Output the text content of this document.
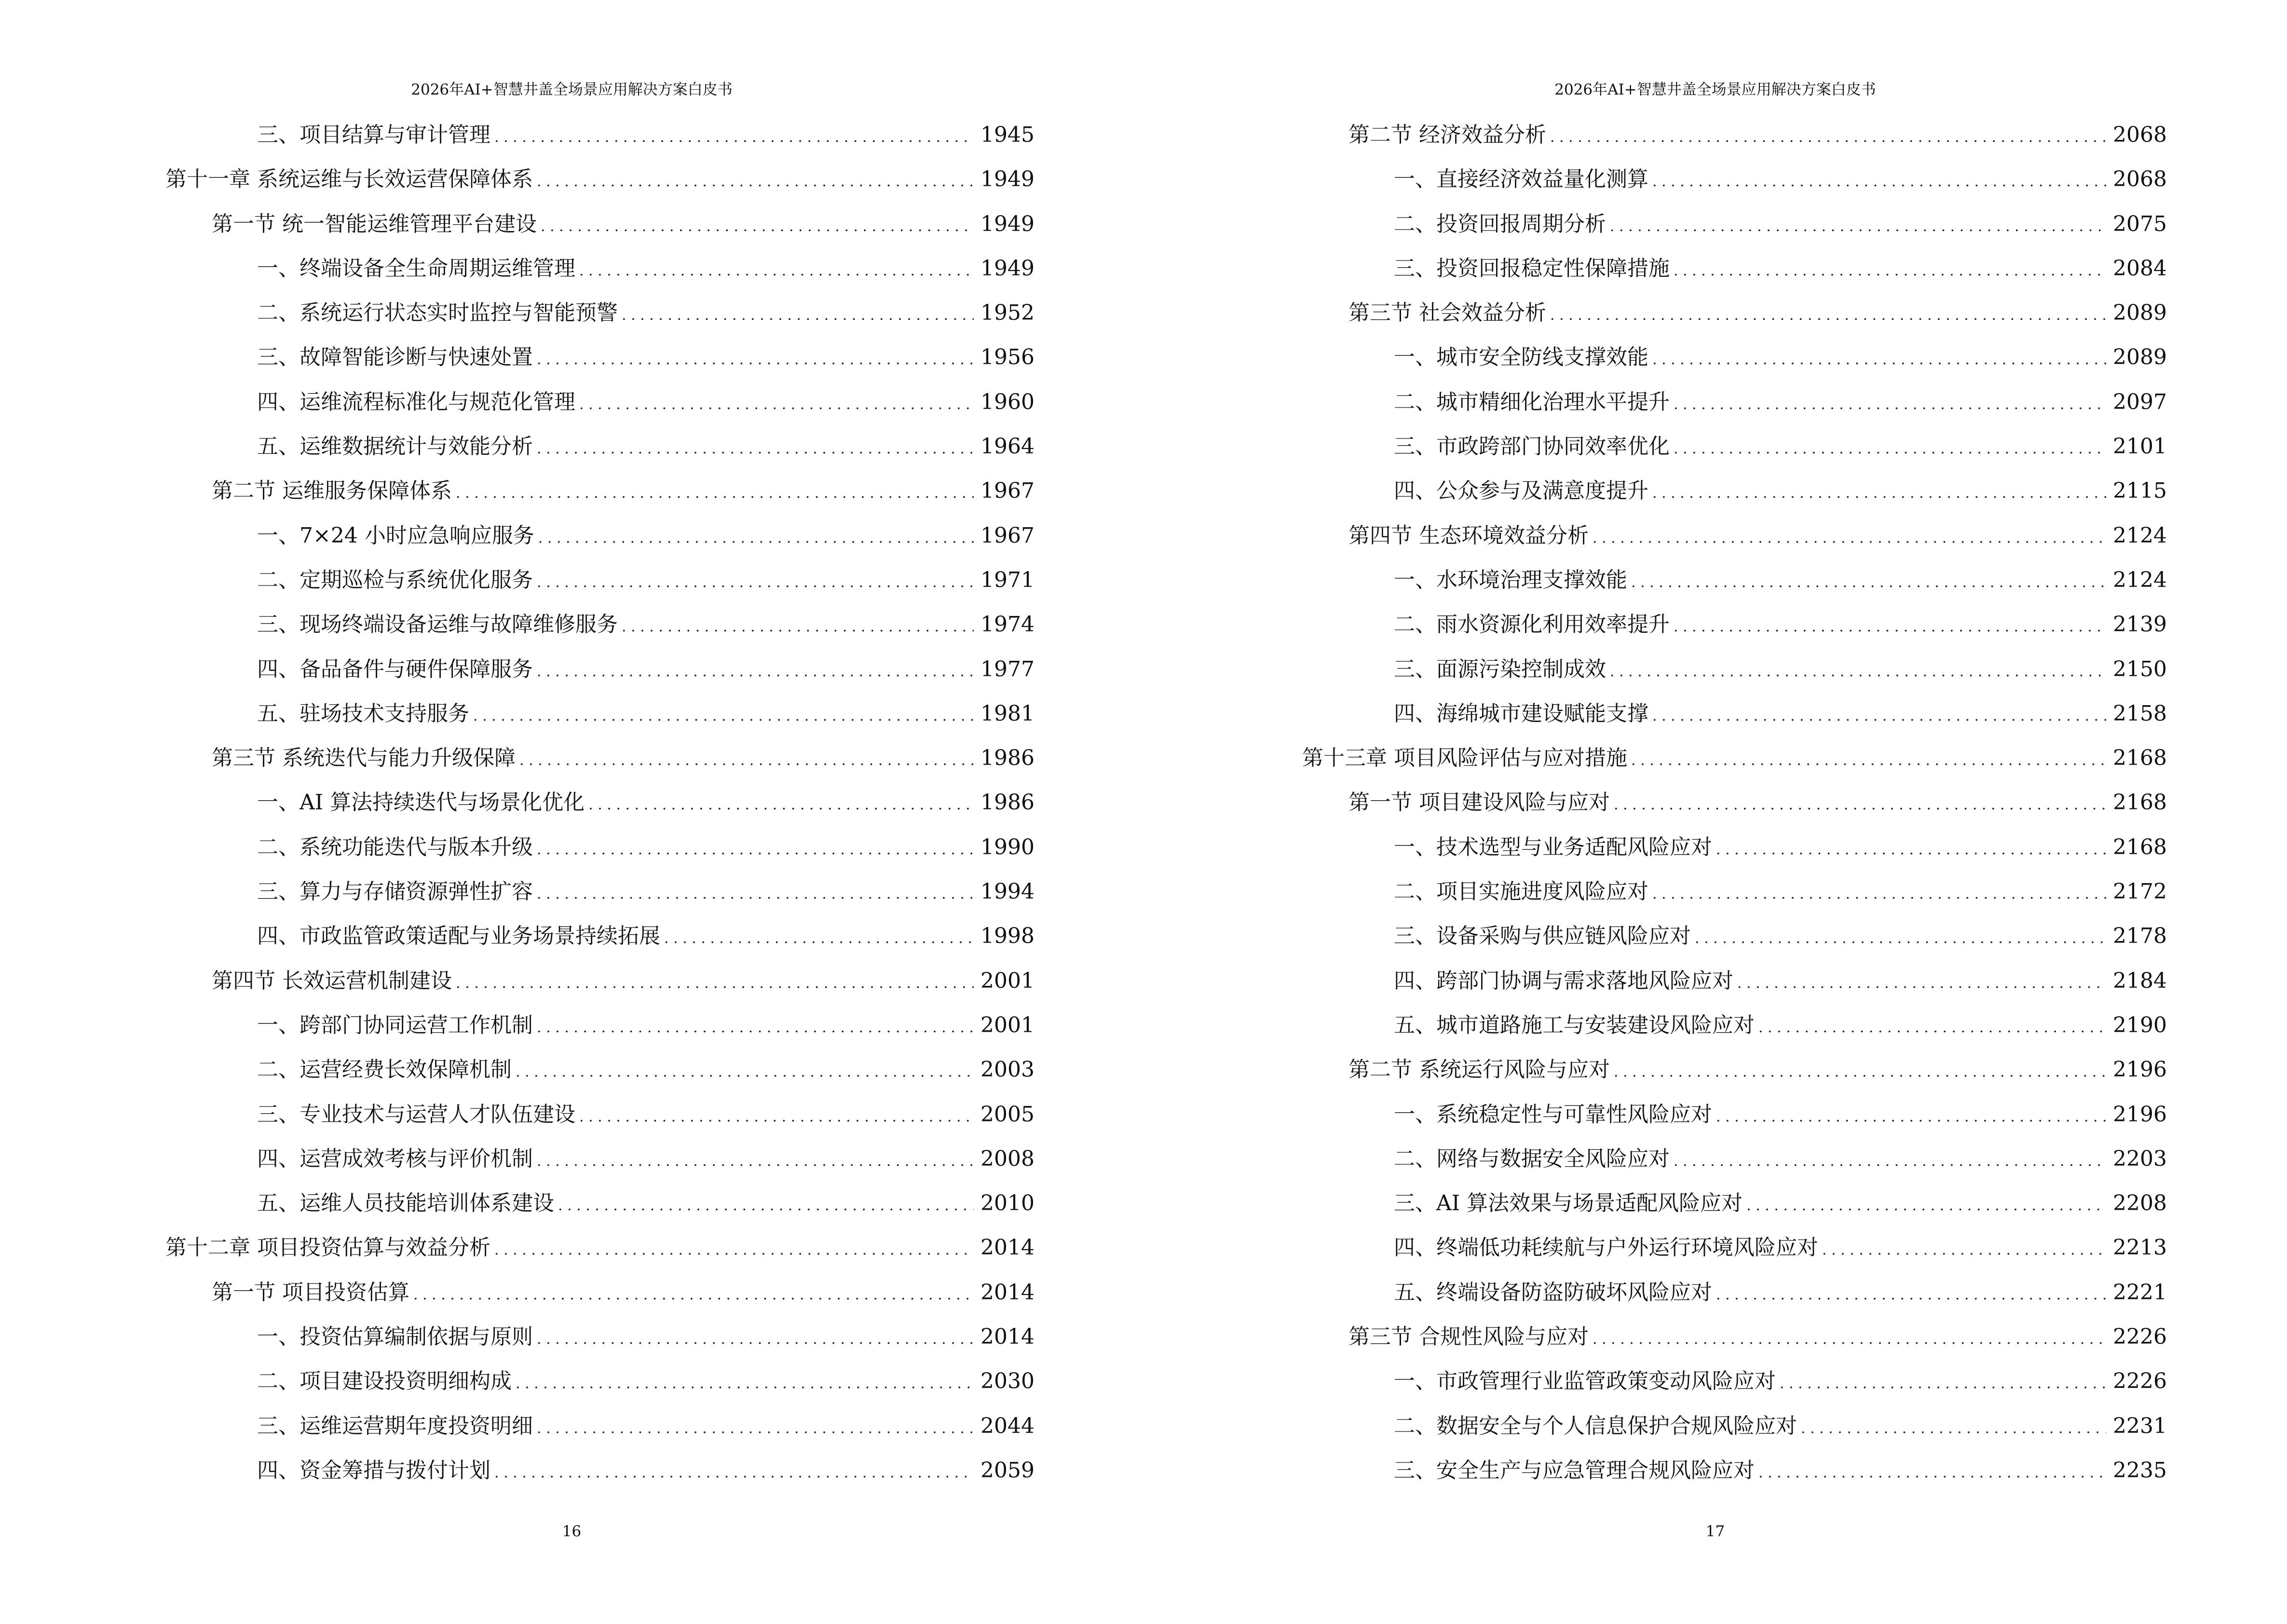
2026年AI+智慧井盖全场景应用解决方案白皮书
三、项目结算与审计管理 . . .	1945
第十一章 系统运维与长效运营保障体系 . . .	1949
第一节 统一智能运维管理平台建设 . . .	1949
一、终端设备全生命周期运维管理 . . .	1949
二、系统运行状态实时监控与智能预警 . . .	1952
三、故障智能诊断与快速处置 . . .	1956
四、运维流程标准化与规范化管理 . . .	1960
五、运维数据统计与效能分析 . . .	1964
第二节 运维服务保障体系 . . .	1967
一、7×24 小时应急响应服务 . . .	1967
二、定期巡检与系统优化服务 . . .	1971
三、现场终端设备运维与故障维修服务 . . .	1974
四、备品备件与硬件保障服务 . . .	1977
五、驻场技术支持服务 . . .	1981
第三节 系统迭代与能力升级保障 . . .	1986
一、AI 算法持续迭代与场景化优化 . . .	1986
二、系统功能迭代与版本升级 . . .	1990
三、算力与存储资源弹性扩容 . . .	1994
四、市政监管政策适配与业务场景持续拓展 . . .	1998
第四节 长效运营机制建设 . . .	2001
一、跨部门协同运营工作机制 . . .	2001
二、运营经费长效保障机制 . . .	2003
三、专业技术与运营人才队伍建设 . . .	2005
四、运营成效考核与评价机制 . . .	2008
五、运维人员技能培训体系建设 . . .	2010
第十二章 项目投资估算与效益分析 . . .	2014
第一节 项目投资估算 . . .	2014
一、投资估算编制依据与原则 . . .	2014
二、项目建设投资明细构成 . . .	2030
三、运维运营期年度投资明细 . . .	2044
四、资金筹措与拨付计划 . . .	2059
16
2026年AI+智慧井盖全场景应用解决方案白皮书
第二节 经济效益分析 . . .	2068
一、直接经济效益量化测算 . . .	2068
二、投资回报周期分析 . . .	2075
三、投资回报稳定性保障措施 . . .	2084
第三节 社会效益分析 . . .	2089
一、城市安全防线支撑效能 . . .	2089
二、城市精细化治理水平提升 . . .	2097
三、市政跨部门协同效率优化 . . .	2101
四、公众参与及满意度提升 . . .	2115
第四节 生态环境效益分析 . . .	2124
一、水环境治理支撑效能 . . .	2124
二、雨水资源化利用效率提升 . . .	2139
三、面源污染控制成效 . . .	2150
四、海绵城市建设赋能支撑 . . .	2158
第十三章 项目风险评估与应对措施 . . .	2168
第一节 项目建设风险与应对 . . .	2168
一、技术选型与业务适配风险应对 . . .	2168
二、项目实施进度风险应对 . . .	2172
三、设备采购与供应链风险应对 . . .	2178
四、跨部门协调与需求落地风险应对 . . .	2184
五、城市道路施工与安装建设风险应对 . . .	2190
第二节 系统运行风险与应对 . . .	2196
一、系统稳定性与可靠性风险应对 . . .	2196
二、网络与数据安全风险应对 . . .	2203
三、AI 算法效果与场景适配风险应对 . . .	2208
四、终端低功耗续航与户外运行环境风险应对 . . .	2213
五、终端设备防盗防破坏风险应对 . . .	2221
第三节 合规性风险与应对 . . .	2226
一、市政管理行业监管政策变动风险应对 . . .	2226
二、数据安全与个人信息保护合规风险应对 . . .	2231
三、安全生产与应急管理合规风险应对 . . .	2235
17
